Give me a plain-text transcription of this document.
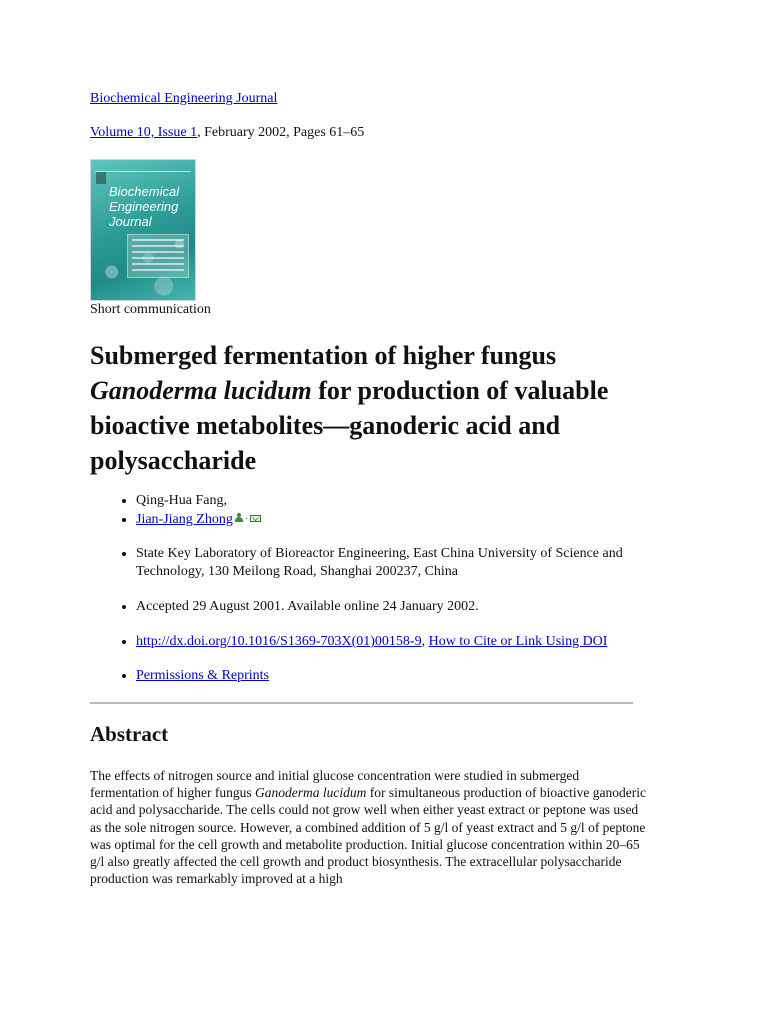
Biochemical Engineering Journal
Volume 10, Issue 1, February 2002, Pages 61–65
Biochemical
Engineering
Journal
Short communication
Submerged fermentation of higher fungus Ganoderma lucidum for production of valuable bioactive metabolites—ganoderic acid and polysaccharide
• Qing-Hua Fang,
• Jian-Jiang Zhong ·
• State Key Laboratory of Bioreactor Engineering, East China University of Science and Technology, 130 Meilong Road, Shanghai 200237, China
• Accepted 29 August 2001. Available online 24 January 2002.
• http://dx.doi.org/10.1016/S1369-703X(01)00158-9, How to Cite or Link Using DOI
• Permissions & Reprints
Abstract

The effects of nitrogen source and initial glucose concentration were studied in submerged fermentation of higher fungus Ganoderma lucidum for simultaneous production of bioactive ganoderic acid and polysaccharide. The cells could not grow well when either yeast extract or peptone was used as the sole nitrogen source. However, a combined addition of 5 g/l of yeast extract and 5 g/l of peptone was optimal for the cell growth and metabolite production. Initial glucose concentration within 20–65 g/l also greatly affected the cell growth and product biosynthesis. The extracellular polysaccharide production was remarkably improved at a high
